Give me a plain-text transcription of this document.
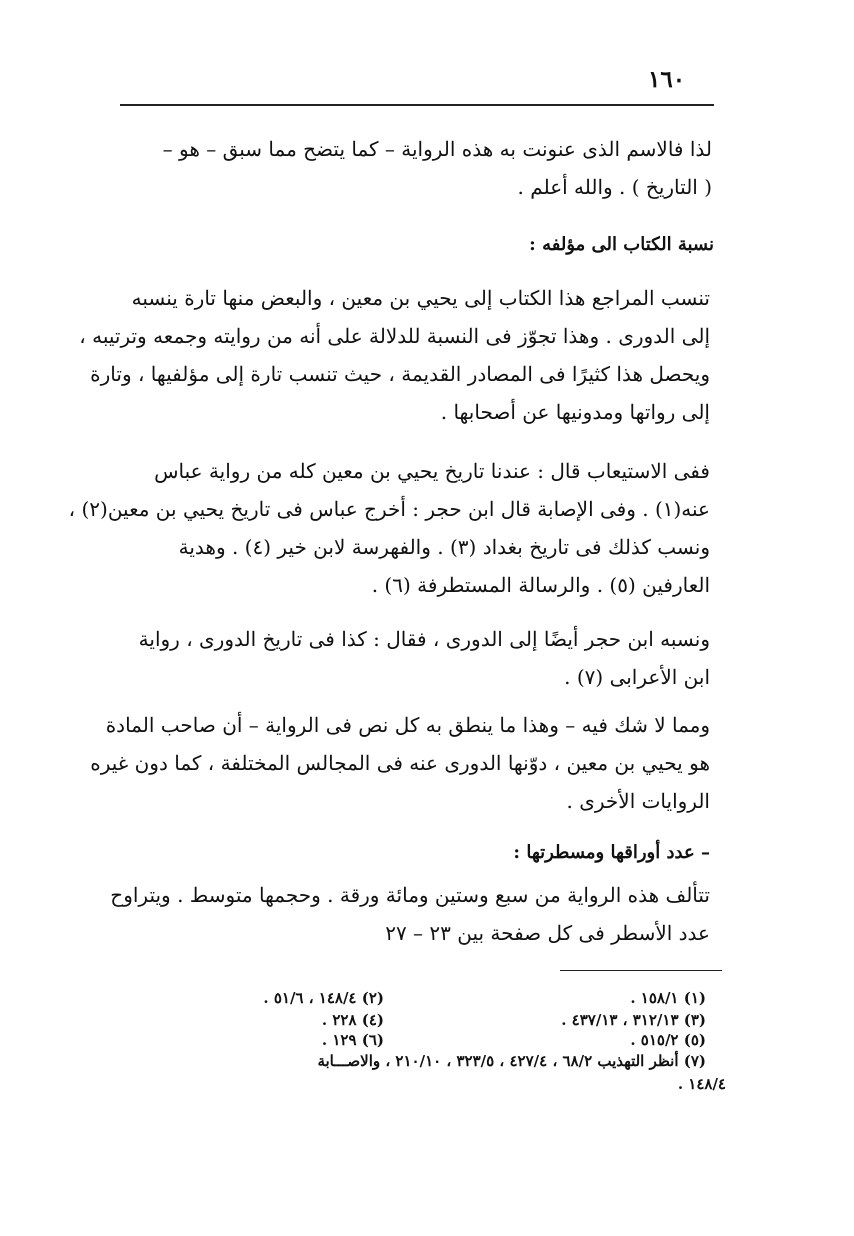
١٦٠
لذا فالاسم الذى عنونت به هذه الرواية – كما يتضح مما سبق – هو –
( التاريخ ) . والله أعلم .
نسبة الكتاب الى مؤلفه :
تنسب المراجع هذا الكتاب إلى يحيي بن معين ، والبعض منها تارة ينسبه
إلى الدورى . وهذا تجوّز فى النسبة للدلالة على أنه من روايته وجمعه وترتيبه ،
ويحصل هذا كثيرًا فى المصادر القديمة ، حيث تنسب تارة إلى مؤلفيها ، وتارة
إلى رواتها ومدونيها عن أصحابها .
ففى الاستيعاب قال : عندنا تاريخ يحيي بن معين كله من رواية عباس
عنه(١) . وفى الإصابة قال ابن حجر : أخرج عباس فى تاريخ يحيي بن معين(٢) ،
ونسب كذلك فى تاريخ بغداد (٣) . والفهرسة لابن خير (٤) . وهدية
العارفين (٥) . والرسالة المستطرفة (٦) .
ونسبه ابن حجر أيضًا إلى الدورى ، فقال : كذا فى تاريخ الدورى ، رواية
ابن الأعرابى (٧) .
ومما لا شك فيه – وهذا ما ينطق به كل نص فى الرواية – أن صاحب المادة
هو يحيي بن معين ، دوّنها الدورى عنه فى المجالس المختلفة ، كما دون غيره
الروايات الأخرى .
– عدد أوراقها ومسطرتها :
تتألف هذه الرواية من سبع وستين ومائة ورقة . وحجمها متوسط . ويتراوح
عدد الأسطر فى كل صفحة بين ٢٣ – ٢٧
(١) ١٥٨/١ .
(٢) ١٤٨/٤ ، ٥١/٦ .
(٣) ٣١٢/١٣ ، ٤٣٧/١٣ .
(٤) ٢٢٨ .
(٥) ٥١٥/٢ .
(٦) ١٢٩ .
(٧) أنظر التهذيب ٦٨/٢ ، ٤٢٧/٤ ، ٣٢٣/٥ ، ٢١٠/١٠ ، والاصـــابة
١٤٨/٤ .
